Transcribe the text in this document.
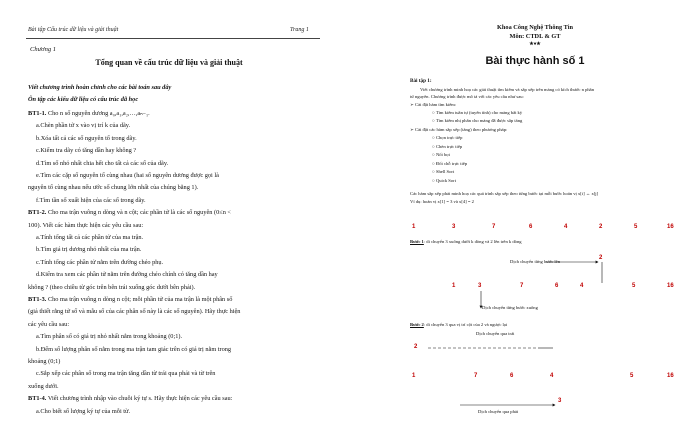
Bài tập Cấu trúc dữ liệu và giải thuật	Trang 1
Chương 1
Tổng quan về cấu trúc dữ liệu và giải thuật
Viết chương trình hoàn chỉnh cho các bài toán sau đây
Ôn tập các kiểu dữ liệu có cấu trúc đã học
BT1-1. Cho n số nguyên dương a₀,a₁,a₂,…,aₙ₋₁.
a.Chèn phần tử x vào vị trí k của dãy.
b.Xóa tất cả các số nguyên tố trong dãy.
c.Kiểm tra dãy có tăng dần hay không ?
d.Tìm số nhỏ nhất chia hết cho tất cả các số của dãy.
e.Tìm các cặp số nguyên tố cùng nhau (hai số nguyên dương được gọi là
nguyên tố cùng nhau nếu ước số chung lớn nhất của chúng bằng 1).
f.Tìm tần số xuất hiện của các số trong dãy.
BT1-2. Cho ma trận vuông n dòng và n cột; các phần tử là các số nguyên (0≤n <
100). Viết các hàm thực hiện các yêu cầu sau:
a.Tính tổng tất cả các phần tử của ma trận.
b.Tìm giá trị dương nhỏ nhất của ma trận.
c.Tính tổng các phần tử nằm trên đường chéo phụ.
d.Kiểm tra xem các phần tử nằm trên đường chéo chính có tăng dần hay
không ? (theo chiều từ góc trên bên trái xuống góc dưới bên phải).
BT1-3. Cho ma trận vuông n dòng n cột; mỗi phần tử của ma trận là một phân số
(giả thiết rằng tử số và mẫu số của các phân số này là các số nguyên). Hãy thực hiện
các yêu cầu sau:
a.Tìm phân số có giá trị nhỏ nhất nằm trong khoảng (0;1).
b.Đếm số lượng phân số nằm trong ma trận tam giác trên có giá trị nằm trong
khoảng (0;1)
c.Sắp xếp các phân số trong ma trận tăng dần từ trái qua phải và từ trên
xuống dưới.
BT1-4. Viết chương trình nhập vào chuỗi ký tự s. Hãy thực hiện các yêu cầu sau:
a.Cho biết số lượng ký tự của mỗi từ.
Khoa Công Nghệ Thông Tin
Môn: CTDL & GT
★♦★
Bài thực hành số 1
Bài tập 1:
Viết chương trình minh hoạ các giải thuật tìm kiếm và sắp xếp trên mảng có kích thước n phần
tử nguyên. Chương trình được mô tả với các yêu cầu như sau:
➢ Cài đặt hàm tìm kiếm:
○ Tìm kiếm tuần tự (tuyến tính) cho mảng bất kỳ
○ Tìm kiếm nhị phân cho mảng đã được sắp tăng
➢ Cài đặt các hàm sắp xếp (tăng) theo phương pháp:
○ Chọn trực tiếp
○ Chèn trực tiếp
○ Nổi bọt
○ Đổi chỗ trực tiếp
○ Shell Sort
○ Quick Sort
Các hàm sắp xếp phải minh hoạ các quá trình sắp xếp theo từng bước tại mỗi bước hoán vị x[i] ↔ x[j]
Ví dụ: hoán vị x[1] = 3 và x[4] = 2
1	3	7	6	4	2	5	16
Bước 1: di chuyển 3 xuống dưới k dòng và 2 lên trên k dòng
Dịch chuyển từng bước lên
1	3	7	6	4
2
5	16
Dịch chuyển từng bước xuống
Bước 2: di chuyển 3 qua vị trí cột của 2 và ngược lại
Dịch chuyển qua trái
2
1	7	6	4	5	16
3
Dịch chuyển qua phải
